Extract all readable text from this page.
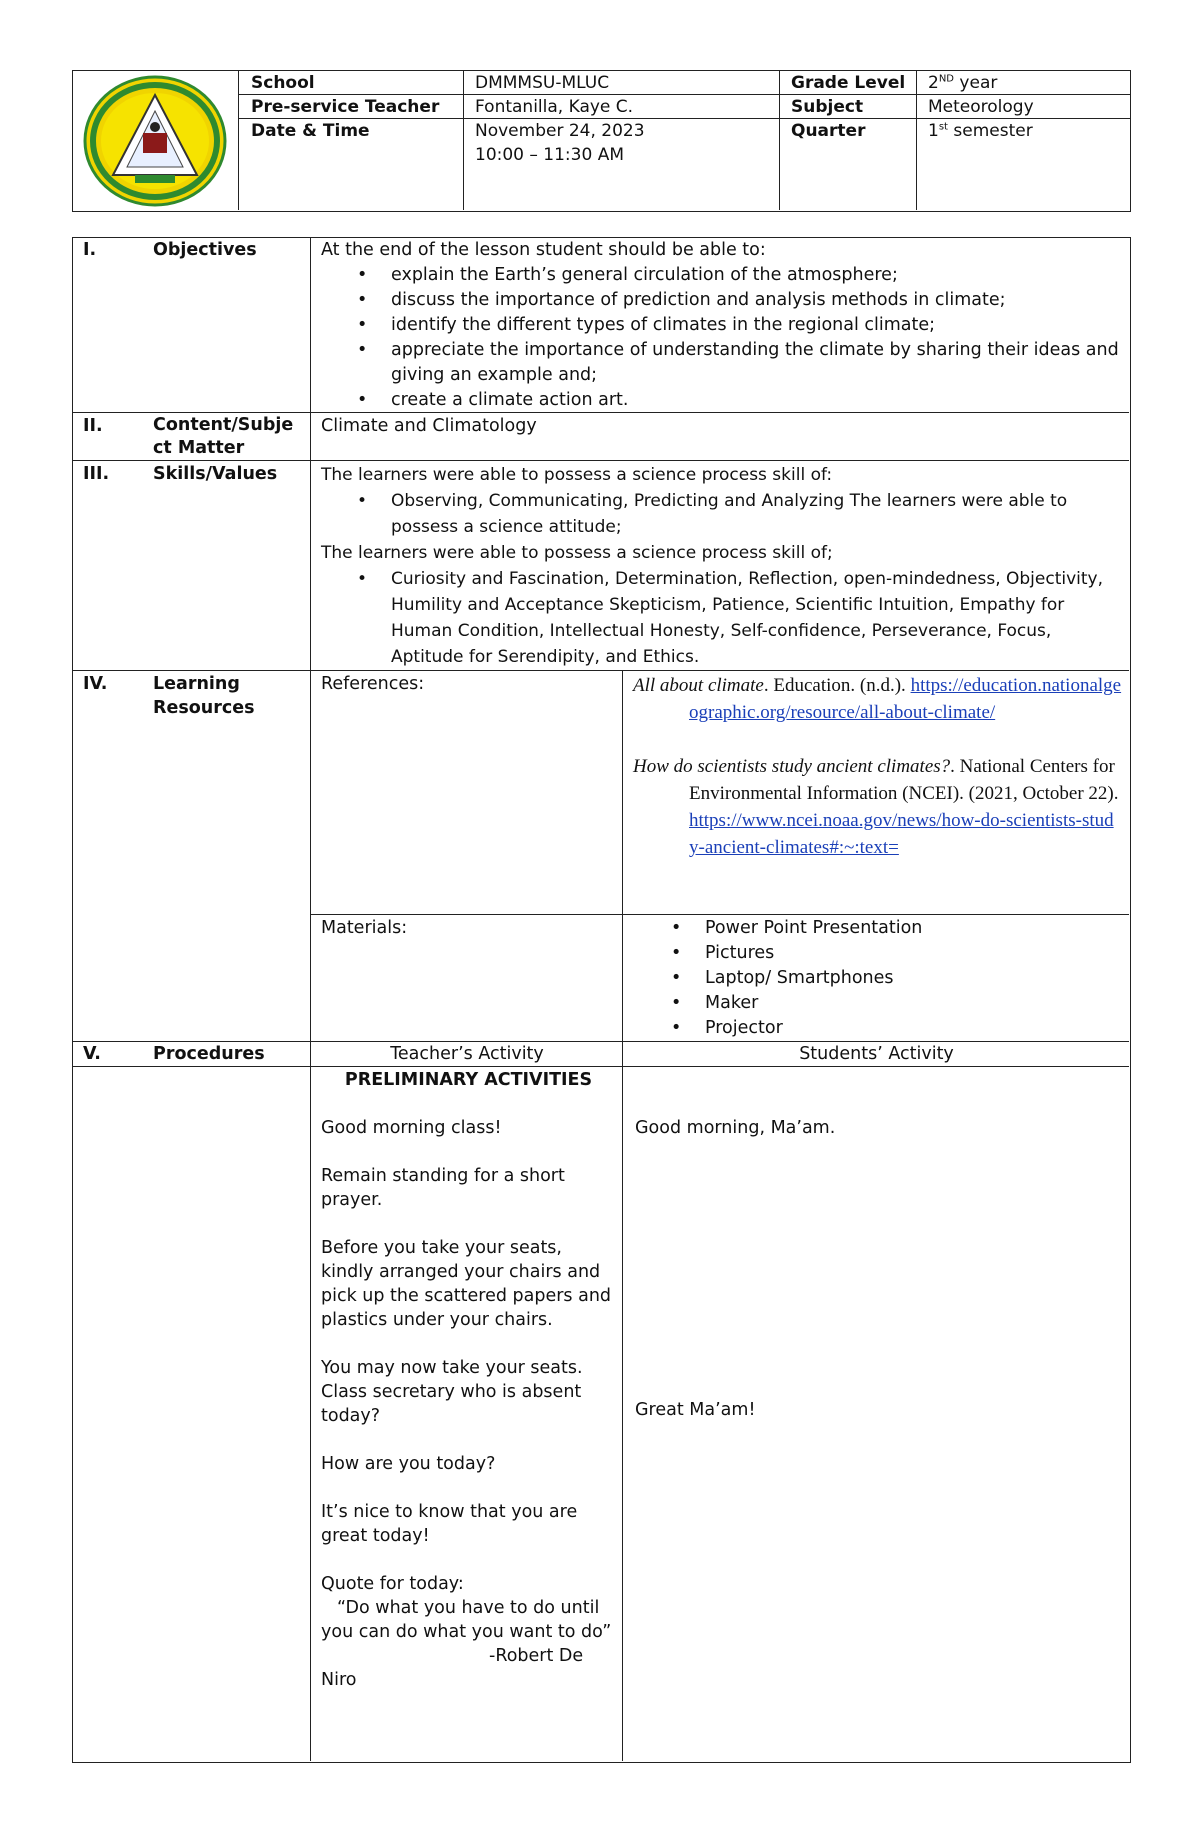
School	DMMMSU-MLUC	Grade Level	2ND year
Pre-service Teacher	Fontanilla, Kaye C.	Subject	Meteorology
Date & Time	November 24, 2023
10:00 – 11:30 AM
Quarter	1st semester
I.	Objectives	At the end of the lesson student should be able to:
• explain the Earth’s general circulation of the atmosphere;
• discuss the importance of prediction and analysis methods in climate;
• identify the different types of climates in the regional climate;
• appreciate the importance of understanding the climate by sharing their ideas and giving an example and;
• create a climate action art.
II.	Content/Subje
ct Matter
Climate and Climatology
III.	Skills/Values	The learners were able to possess a science process skill of:
• Observing, Communicating, Predicting and Analyzing The learners were able to possess a science attitude;
The learners were able to possess a science process skill of;
• Curiosity and Fascination, Determination, Reflection, open-mindedness, Objectivity, Humility and Acceptance Skepticism, Patience, Scientific Intuition, Empathy for Human Condition, Intellectual Honesty, Self-confidence, Perseverance, Focus, Aptitude for Serendipity, and Ethics.
IV.	Learning
Resources
References:	All about climate. Education. (n.d.). https://education.nationalgeographic.org/resource/all-about-climate/
How do scientists study ancient climates?. National Centers for Environmental Information (NCEI). (2021, October 22). https://www.ncei.noaa.gov/news/how-do-scientists-study-ancient-climates#:~:text=
Materials:
•	Power Point Presentation
• Pictures
• Laptop/ Smartphones
• Maker
• Projector
V.	Procedures	Teacher’s Activity	Students’ Activity
PRELIMINARY ACTIVITIES

Good morning class!

Remain standing for a short prayer.

Before you take your seats, kindly arranged your chairs and pick up the scattered papers and plastics under your chairs.

You may now take your seats. Class secretary who is absent today?

How are you today?

It’s nice to know that you are great today!

Quote for today:
“Do what you have to do until you can do what you want to do”
-Robert De
Niro
Good morning, Ma’am.
Great Ma’am!
